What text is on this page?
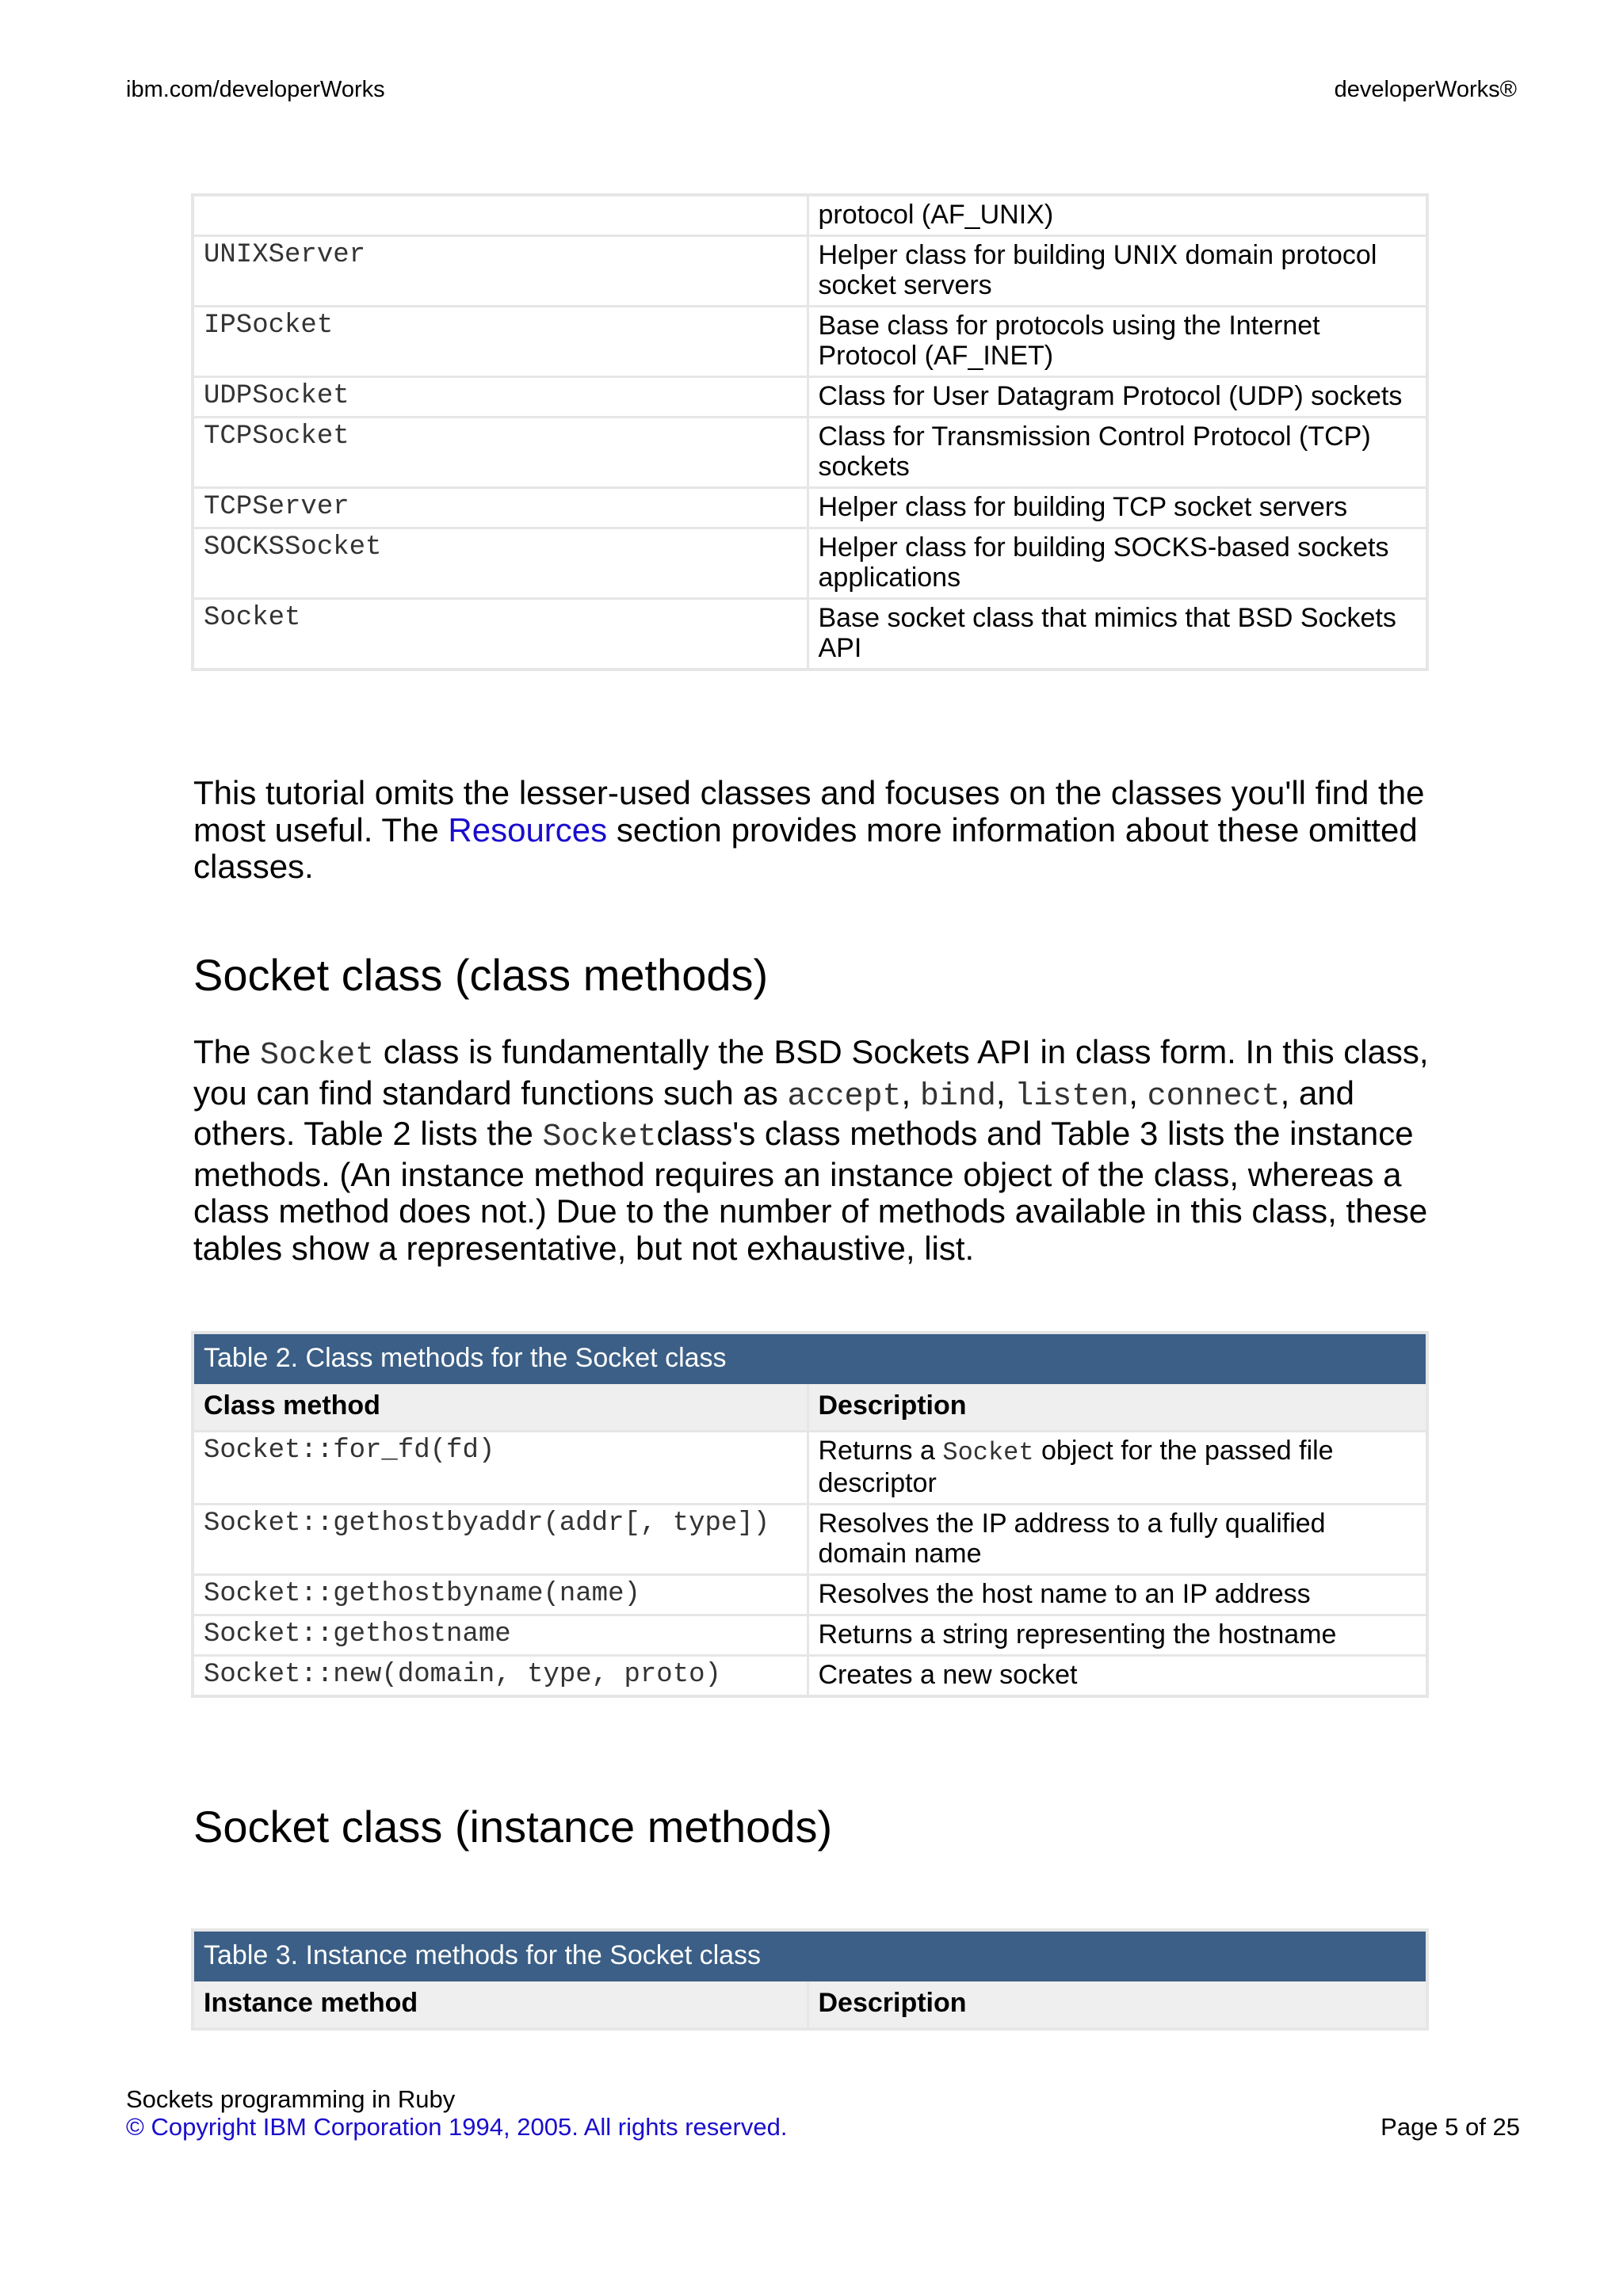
ibm.com/developerWorks	developerWorks®
	protocol (AF_UNIX)
UNIXServer	Helper class for building UNIX domain protocol socket servers
IPSocket	Base class for protocols using the Internet Protocol (AF_INET)
UDPSocket	Class for User Datagram Protocol (UDP) sockets
TCPSocket	Class for Transmission Control Protocol (TCP) sockets
TCPServer	Helper class for building TCP socket servers
SOCKSSocket	Helper class for building SOCKS-based sockets applications
Socket	Base socket class that mimics that BSD Sockets API

This tutorial omits the lesser-used classes and focuses on the classes you'll find the most useful. The Resources section provides more information about these omitted classes.

Socket class (class methods)

The Socket class is fundamentally the BSD Sockets API in class form. In this class, you can find standard functions such as accept, bind, listen, connect, and others. Table 2 lists the Socketclass's class methods and Table 3 lists the instance methods. (An instance method requires an instance object of the class, whereas a class method does not.) Due to the number of methods available in this class, these tables show a representative, but not exhaustive, list.

Table 2. Class methods for the Socket class	
Class method	Description
Socket::for_fd(fd)	Returns a Socket object for the passed file descriptor
Socket::gethostbyaddr(addr[, type])	Resolves the IP address to a fully qualified domain name
Socket::gethostbyname(name)	Resolves the host name to an IP address
Socket::gethostname	Returns a string representing the hostname
Socket::new(domain, type, proto)	Creates a new socket
Socket class (instance methods)
Table 3. Instance methods for the Socket class
Instance method	Description
Sockets programming in Ruby
© Copyright IBM Corporation 1994, 2005. All rights reserved.	Page 5 of 25
